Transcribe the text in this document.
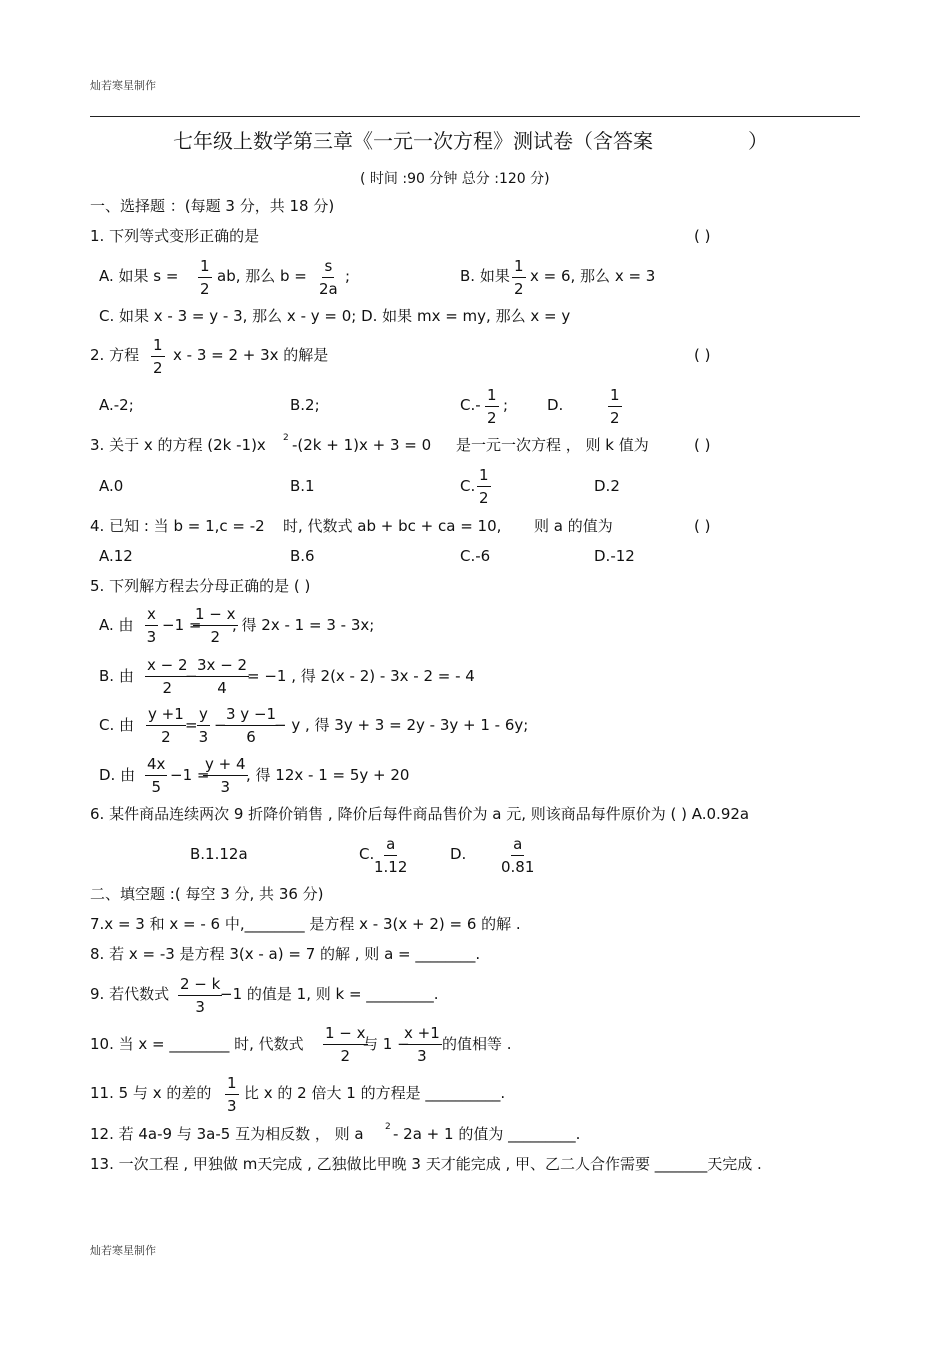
灿若寒星制作
灿若寒星制作
七年级上数学第三章《一元一次方程》测试卷（含答案	）
( 时间 :90 分钟 总分 :120 分)
一、选择题 ：(每题 3 分，共 18 分)
1. 下列等式变形正确的是	( )
A. 如果 $s = \frac{1}{2}$ ab, 那么 $b = \frac{s}{2a}$ ;	B. 如果 $\frac{1}{2}$ x = 6, 那么 x = 3
C. 如果 x - 3 = y - 3, 那么 x - y = 0; D. 如果 mx = my, 那么 x = y
2. 方程 $\frac{1}{2}$ x - 3 = 2 + 3x 的解是	( )
A.-2;	B.2;	$C.- \frac{1}{2}$ ;	D.	$\frac{1}{2}$
3. 关于 x 的方程 (2k -1)x 2 -(2k + 1)x + 3 = 0 是一元一次方程 ， 则 k 值为	( )
A.0	B.1	C. $\frac{1}{2}$	D.2
4. 已知 : 当 b = 1,c = -2 时, 代数式 ab + bc + ca = 10, 则 a 的值为	( )
A.12	B.6	C.-6	D.-12
5. 下列解方程去分母正确的是 ( )
A. 由 $\frac{x}{3} -1$ =
$\frac{1 - x}{2}$
, 得 2x - 1 = 3 - 3x;
B. 由 $\frac{x - 2}{2}$
−
$\frac{3x - 2}{4}$
= −1 , 得 2(x - 2) - 3x - 2 = - 4
C. 由 $\frac{y +1}{2} = \frac{y}{3}$ −
$\frac{3 y -1}{6}$
− y , 得 3y + 3 = 2y - 3y + 1 - 6y;
D. 由 $\frac{4x}{5} -1$ =
$\frac{y + 4}{3}$
, 得 12x - 1 = 5y + 20
6. 某件商品连续两次 9 折降价销售 , 降价后每件商品售价为 a 元, 则该商品每件原价为 ( ) A.0.92a
B.1.12a	C. $\frac{a}{1.12}$	D. $\frac{a}{0.81}$
二、填空题 :( 每空 3 分, 共 36 分)
7.x = 3 和 x = - 6 中,________ 是方程 x - 3(x + 2) = 6 的解 .
8. 若 x = -3 是方程 3(x - a) = 7 的解 , 则 a = ________.
9. 若代数式 $\frac{2 - k}{3}$
−1 的值是 1, 则 k = _________.
10. 当 x = ________ 时, 代数式 $\frac{1 - x}{2}$
与 1 −
$\frac{x +1}{3}$ 的值相等 .
11. 5 与 x 的差的 $\frac{1}{3}$ 比 x 的 2 倍大 1 的方程是 __________.
12. 若 4a-9 与 3a-5 互为相反数 ， 则 a 2 - 2a + 1 的值为 _________.
13. 一次工程 , 甲独做 m天完成 , 乙独做比甲晚 3 天才能完成 , 甲、乙二人合作需要 _______天完成 .
